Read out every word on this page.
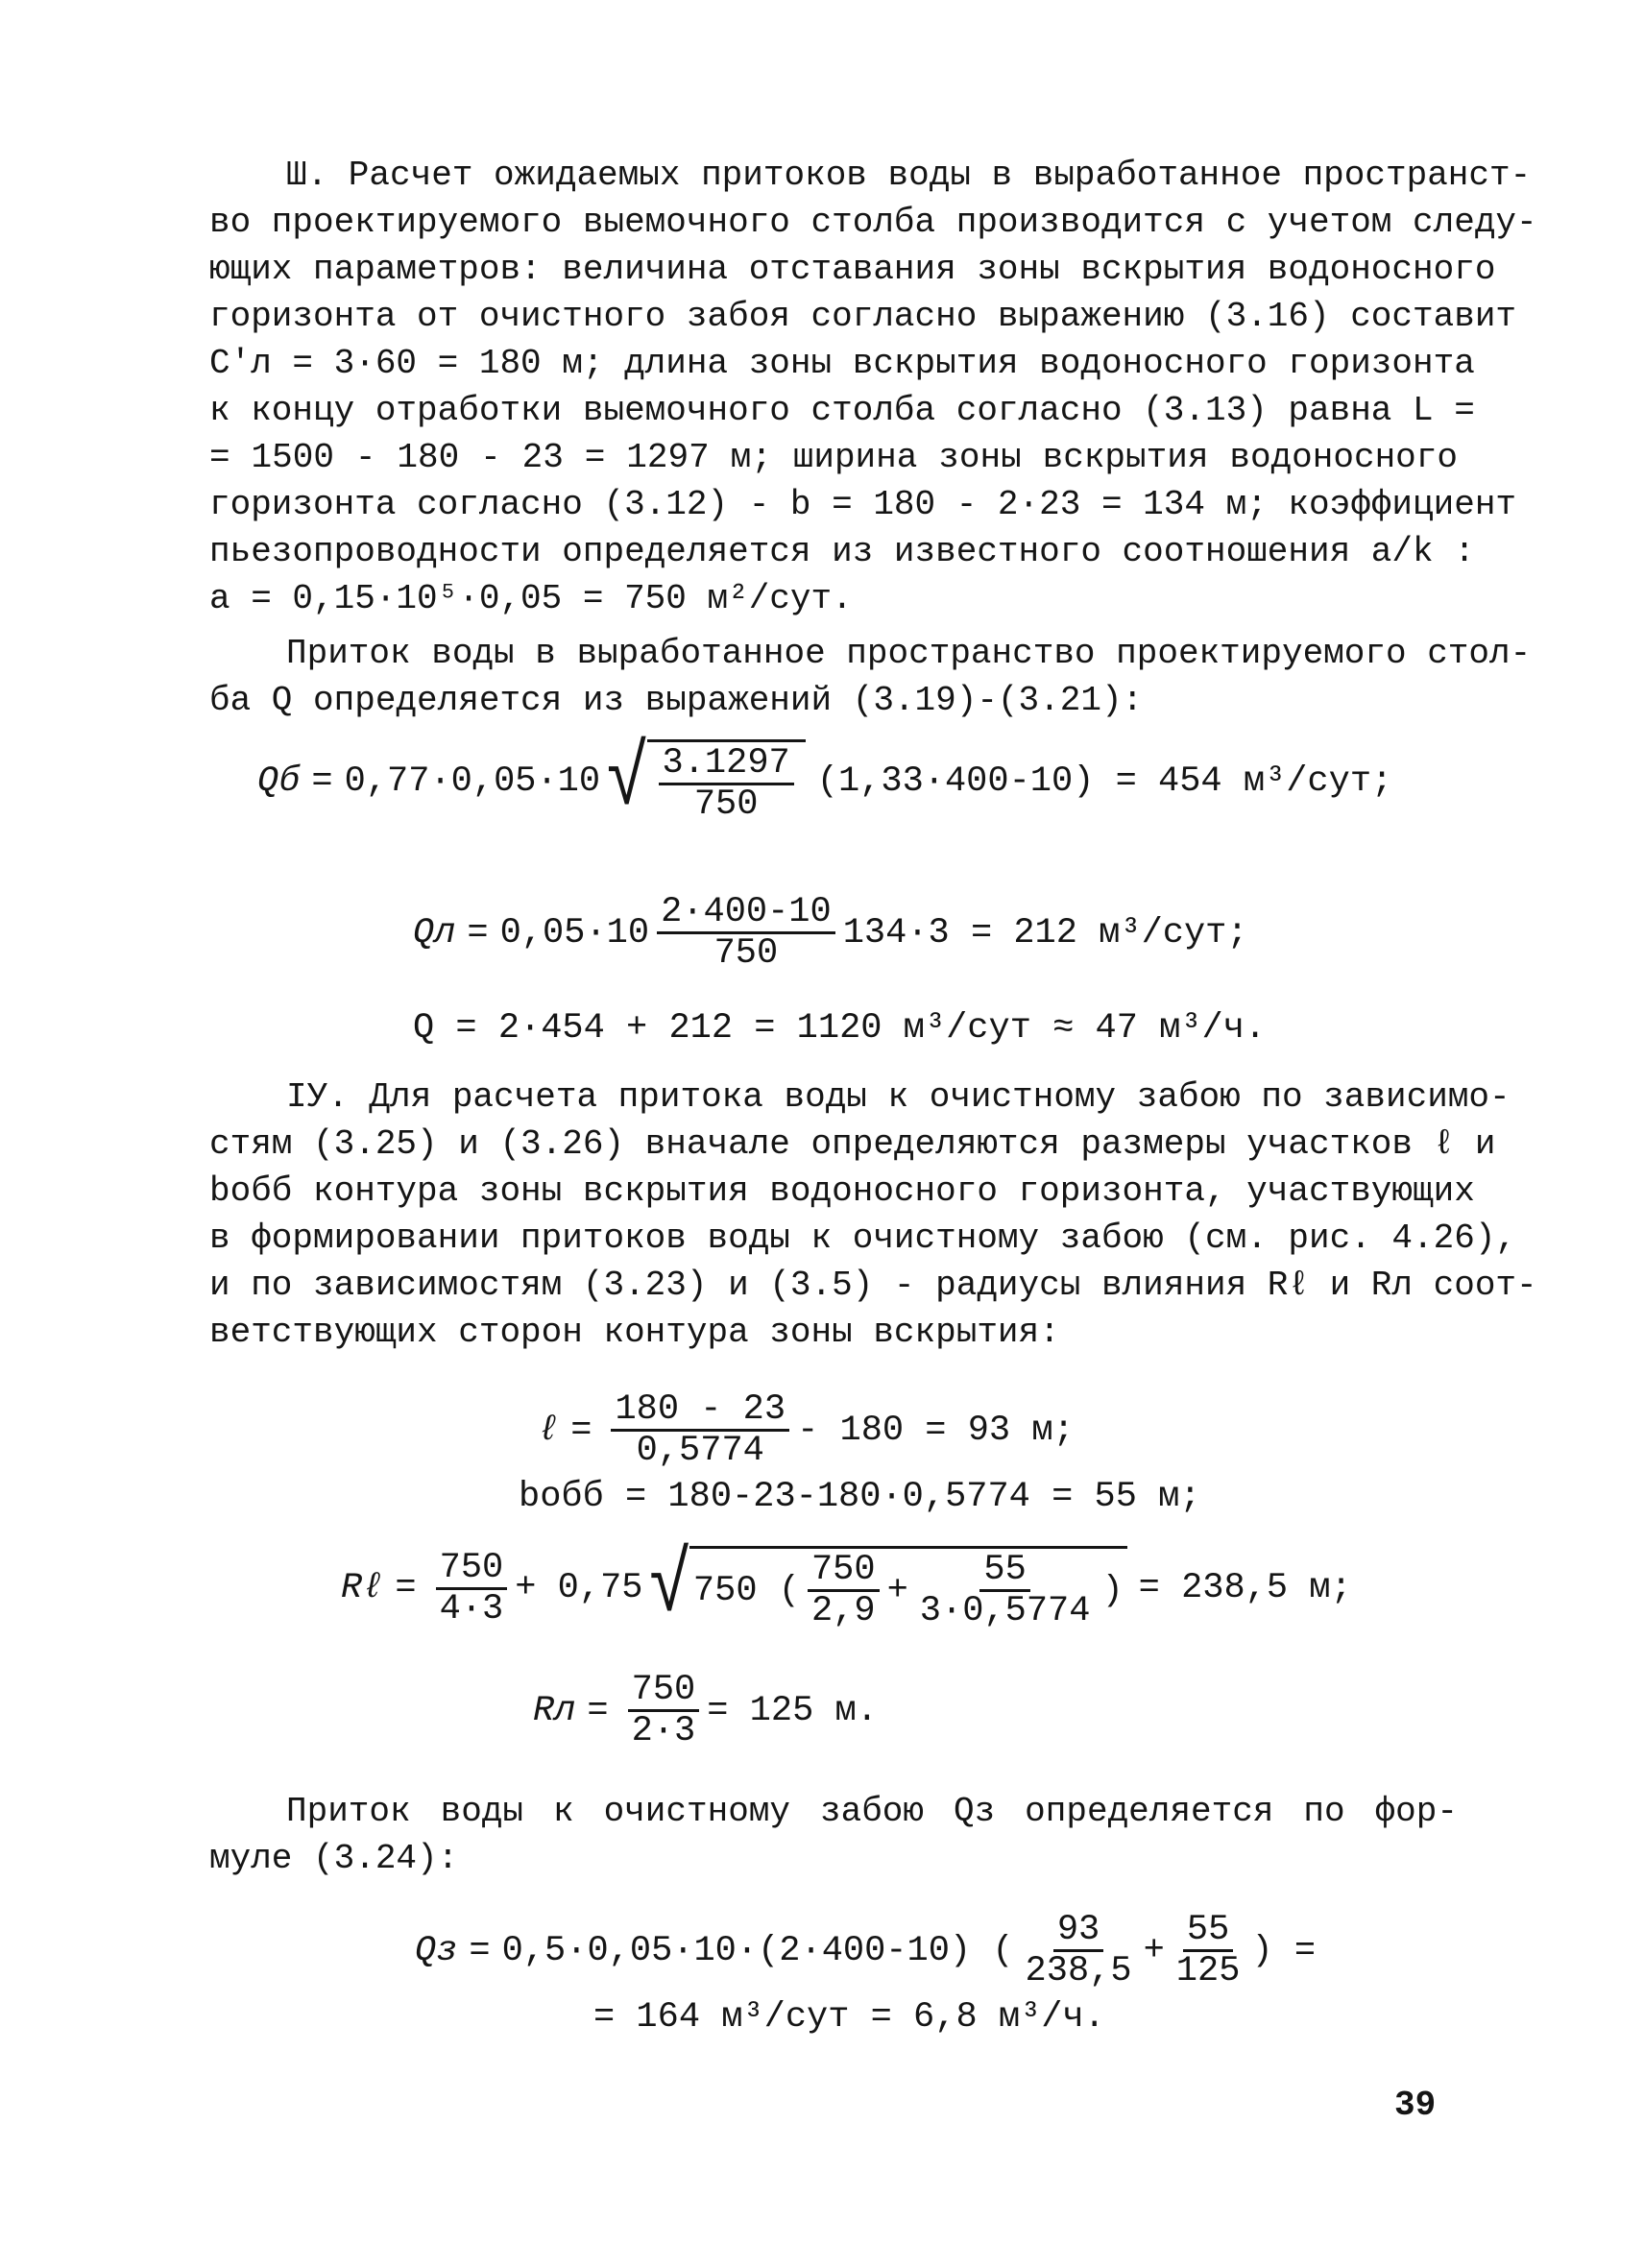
Ш. Расчет ожидаемых притоков воды в выработанное пространст-
во проектируемого выемочного столба производится с учетом следу-
ющих параметров: величина отставания зоны вскрытия водоносного
горизонта от очистного забоя согласно выражению (3.16) составит
C'л = 3·60 = 180 м; длина зоны вскрытия водоносного горизонта
к концу отработки выемочного столба согласно (3.13) равна L =
= 1500 - 180 - 23 = 1297 м; ширина зоны вскрытия водоносного
горизонта согласно (3.12) - b = 180 - 2·23 = 134 м; коэффициент
пьезопроводности определяется из известного соотношения a/k :
a = 0,15·10⁵·0,05 = 750 м²/сут.
Приток воды в выработанное пространство проектируемого стол-
ба Q определяется из выражений (3.19)-(3.21):
Qб = 0,77·0,05·10 √ $\frac{3.1297}{750} (1,33\cdot 400-10) = 454$ м³/сут;
Qл = $0,05\cdot 10 \frac{2\cdot 400-10}{750} 134\cdot 3 = 212$ м³/сут;
Q = 2·454 + 212 = 1120 м³/сут ≈ 47 м³/ч.
IУ. Для расчета притока воды к очистному забою по зависимо-
стям (3.25) и (3.26) вначале определяются размеры участков ℓ и
bобб контура зоны вскрытия водоносного горизонта, участвующих
в формировании притоков воды к очистному забою (см. рис. 4.26),
и по зависимостям (3.23) и (3.5) - радиусы влияния Rℓ и Rл соот-
ветствующих сторон контура зоны вскрытия:
ℓ = $\frac{180 - 23}{0,5774} - 180 = 93$ м;
bобб = 180-23-180·0,5774 = 55 м;
Rℓ = $\frac{750}{4\cdot 3} + 0,75$ √ 750 ( $\frac{750}{2,9} + \frac{55}{3\cdot 0,5774}$ ) = 238,5 м;
Rл = $\frac{750}{2\cdot 3} = 125$ м.
Приток воды к очистному забою Qз определяется по фор-
муле (3.24):
Qз = 0,5·0,05·10·(2·400-10) ( $\frac{93}{238,5} + \frac{55}{125}$ ) =
= 164 м³/сут = 6,8 м³/ч.
39
